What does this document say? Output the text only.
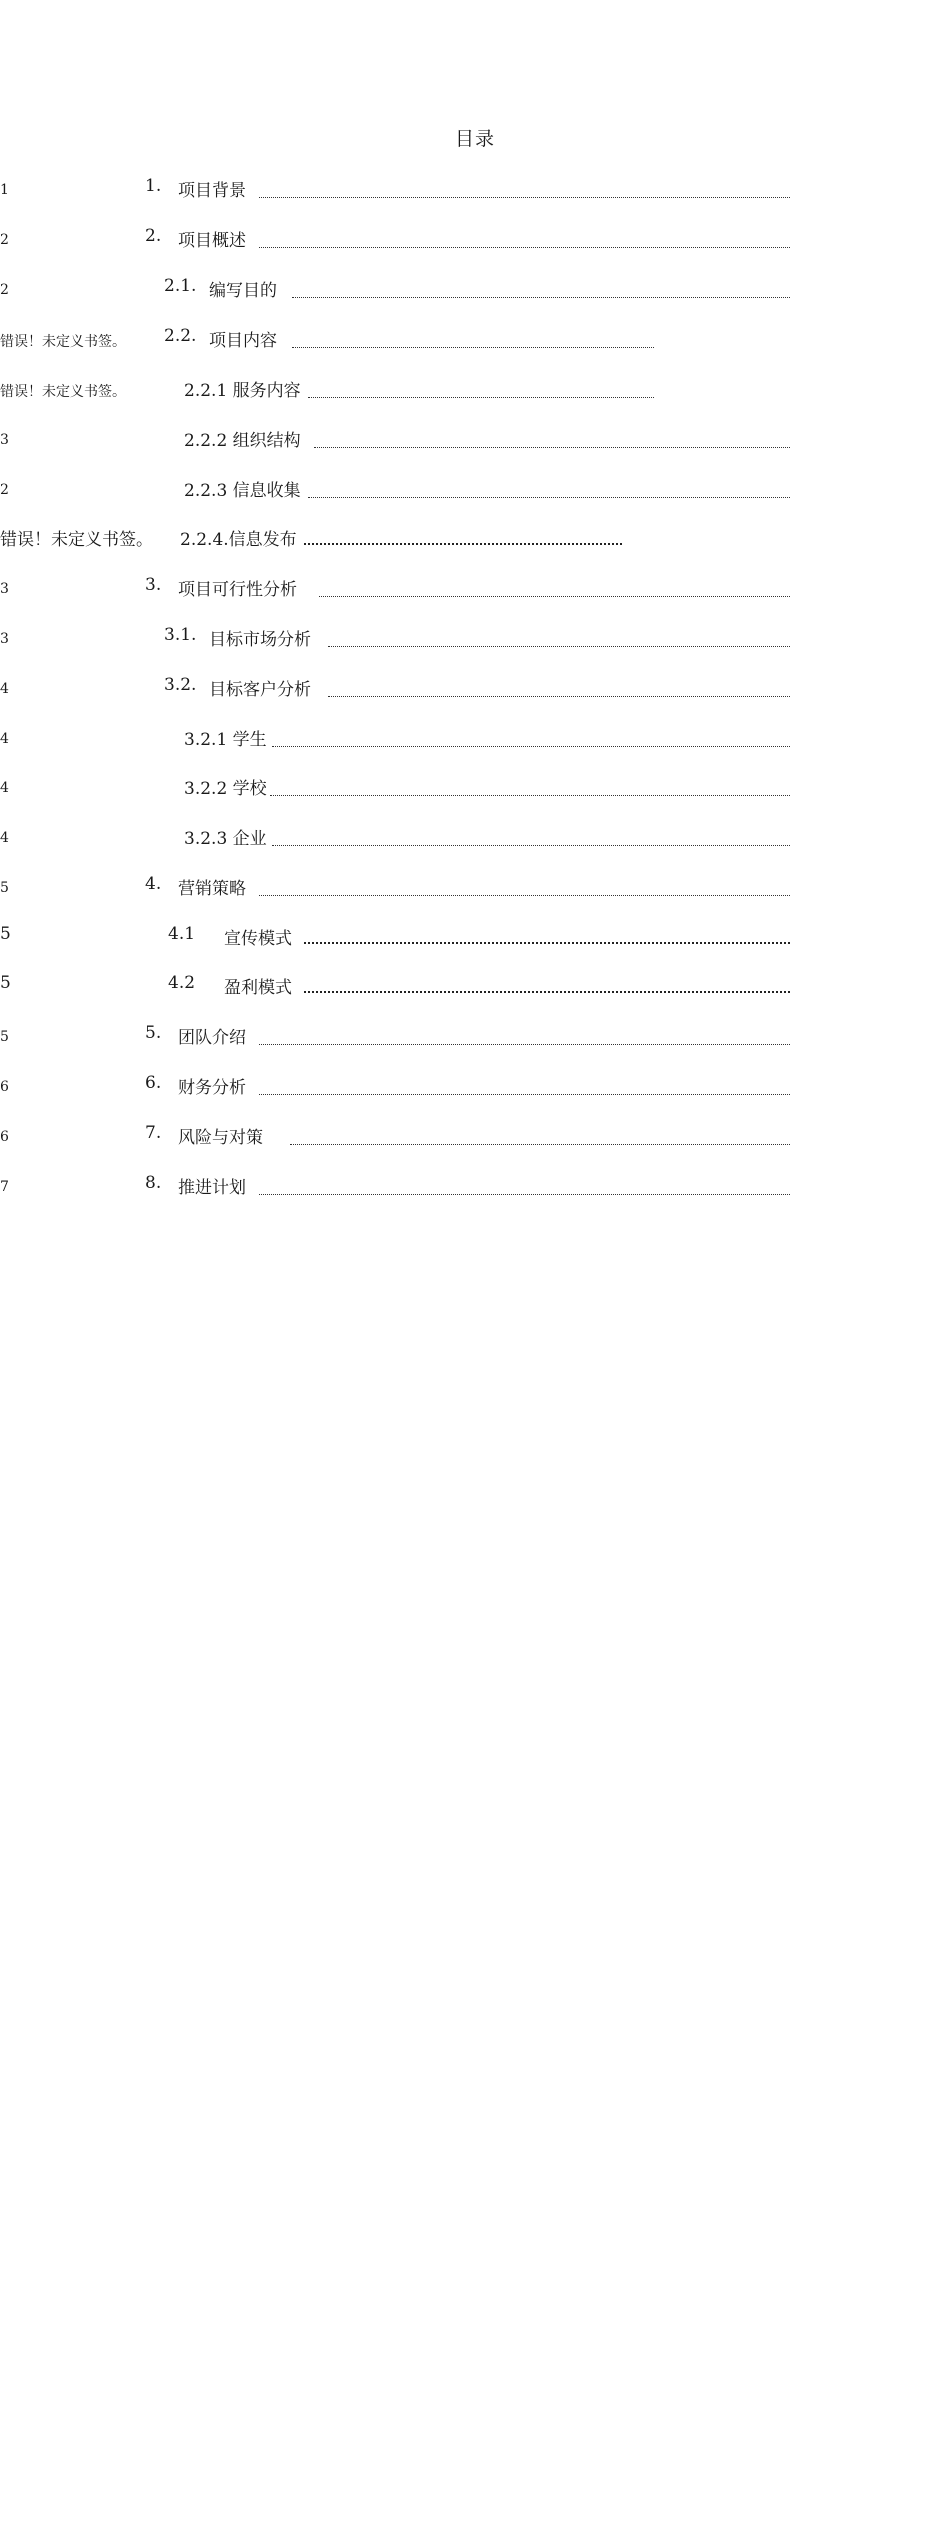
目录
1. 项目背景
1
2. 项目概述
2
2.1. 编写目的
2
2.2. 项目内容
错误！未定义书签。
2.2.1 服务内容
错误！未定义书签。
2.2.2 组织结构
3
2.2.3 信息收集
2
2.2.4.信息发布
错误！未定义书签。
3. 项目可行性分析
3
3.1. 目标市场分析
3
3.2. 目标客户分析
4
3.2.1 学生
4
3.2.2 学校
4
3.2.3 企业
4
4. 营销策略
5
4.1 宣传模式
5
4.2 盈利模式
5
5. 团队介绍
5
6. 财务分析
6
7. 风险与对策
6
8. 推进计划
7
